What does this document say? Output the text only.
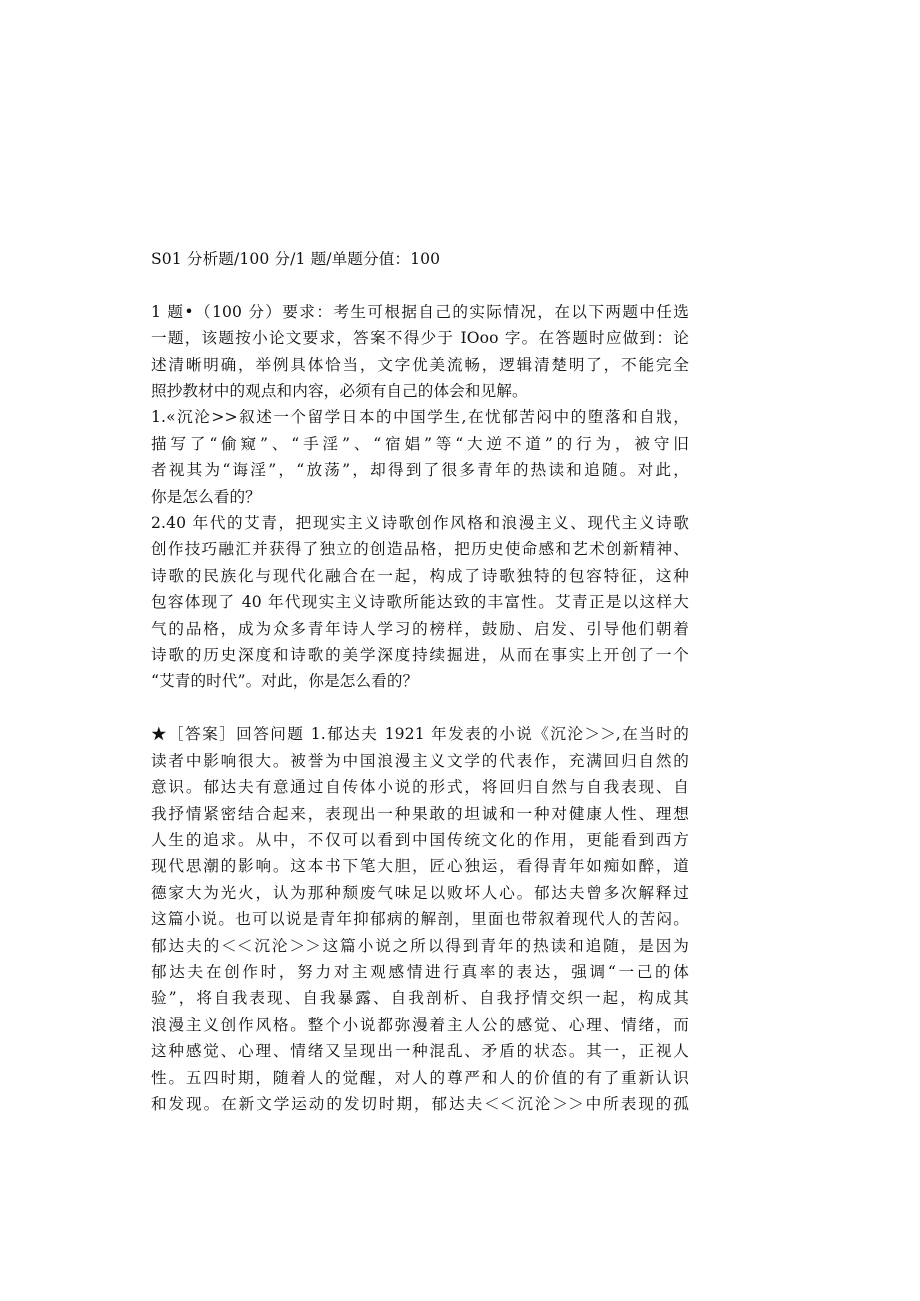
S01 分析题/100 分/1 题/单题分值：100

1 题•（100 分）要求：考生可根据自己的实际情况，在以下两题中任选
一题，该题按小论文要求，答案不得少于 IOoo 字。在答题时应做到：论
述清晰明确，举例具体恰当，文字优美流畅，逻辑清楚明了，不能完全
照抄教材中的观点和内容，必须有自己的体会和见解。
1.«沉沦>>叙述一个留学日本的中国学生,在忧郁苦闷中的堕落和自戕，
描写了“偷窥”、“手淫”、“宿娼”等“大逆不道”的行为，被守旧
者视其为“诲淫”，“放荡”，却得到了很多青年的热读和追随。对此，
你是怎么看的？
2.40 年代的艾青，把现实主义诗歌创作风格和浪漫主义、现代主义诗歌
创作技巧融汇并获得了独立的创造品格，把历史使命感和艺术创新精神、
诗歌的民族化与现代化融合在一起，构成了诗歌独特的包容特征，这种
包容体现了 40 年代现实主义诗歌所能达致的丰富性。艾青正是以这样大
气的品格，成为众多青年诗人学习的榜样，鼓励、启发、引导他们朝着
诗歌的历史深度和诗歌的美学深度持续掘进，从而在事实上开创了一个
“艾青的时代”。对此，你是怎么看的？
★［答案］回答问题 1.郁达夫 1921 年发表的小说《沉沦＞＞,在当时的
读者中影响很大。被誉为中国浪漫主义文学的代表作，充满回归自然的
意识。郁达夫有意通过自传体小说的形式，将回归自然与自我表现、自
我抒情紧密结合起来，表现出一种果敢的坦诚和一种对健康人性、理想
人生的追求。从中，不仅可以看到中国传统文化的作用，更能看到西方
现代思潮的影响。这本书下笔大胆，匠心独运，看得青年如痴如醉，道
德家大为光火，认为那种颓废气味足以败坏人心。郁达夫曾多次解释过
这篇小说。也可以说是青年抑郁病的解剖，里面也带叙着现代人的苦闷。
郁达夫的＜＜沉沦＞＞这篇小说之所以得到青年的热读和追随，是因为
郁达夫在创作时，努力对主观感情进行真率的表达，强调“一己的体
验”，将自我表现、自我暴露、自我剖析、自我抒情交织一起，构成其
浪漫主义创作风格。整个小说都弥漫着主人公的感觉、心理、情绪，而
这种感觉、心理、情绪又呈现出一种混乱、矛盾的状态。其一，正视人
性。五四时期，随着人的觉醒，对人的尊严和人的价值的有了重新认识
和发现。在新文学运动的发切时期，郁达夫＜＜沉沦＞＞中所表现的孤
